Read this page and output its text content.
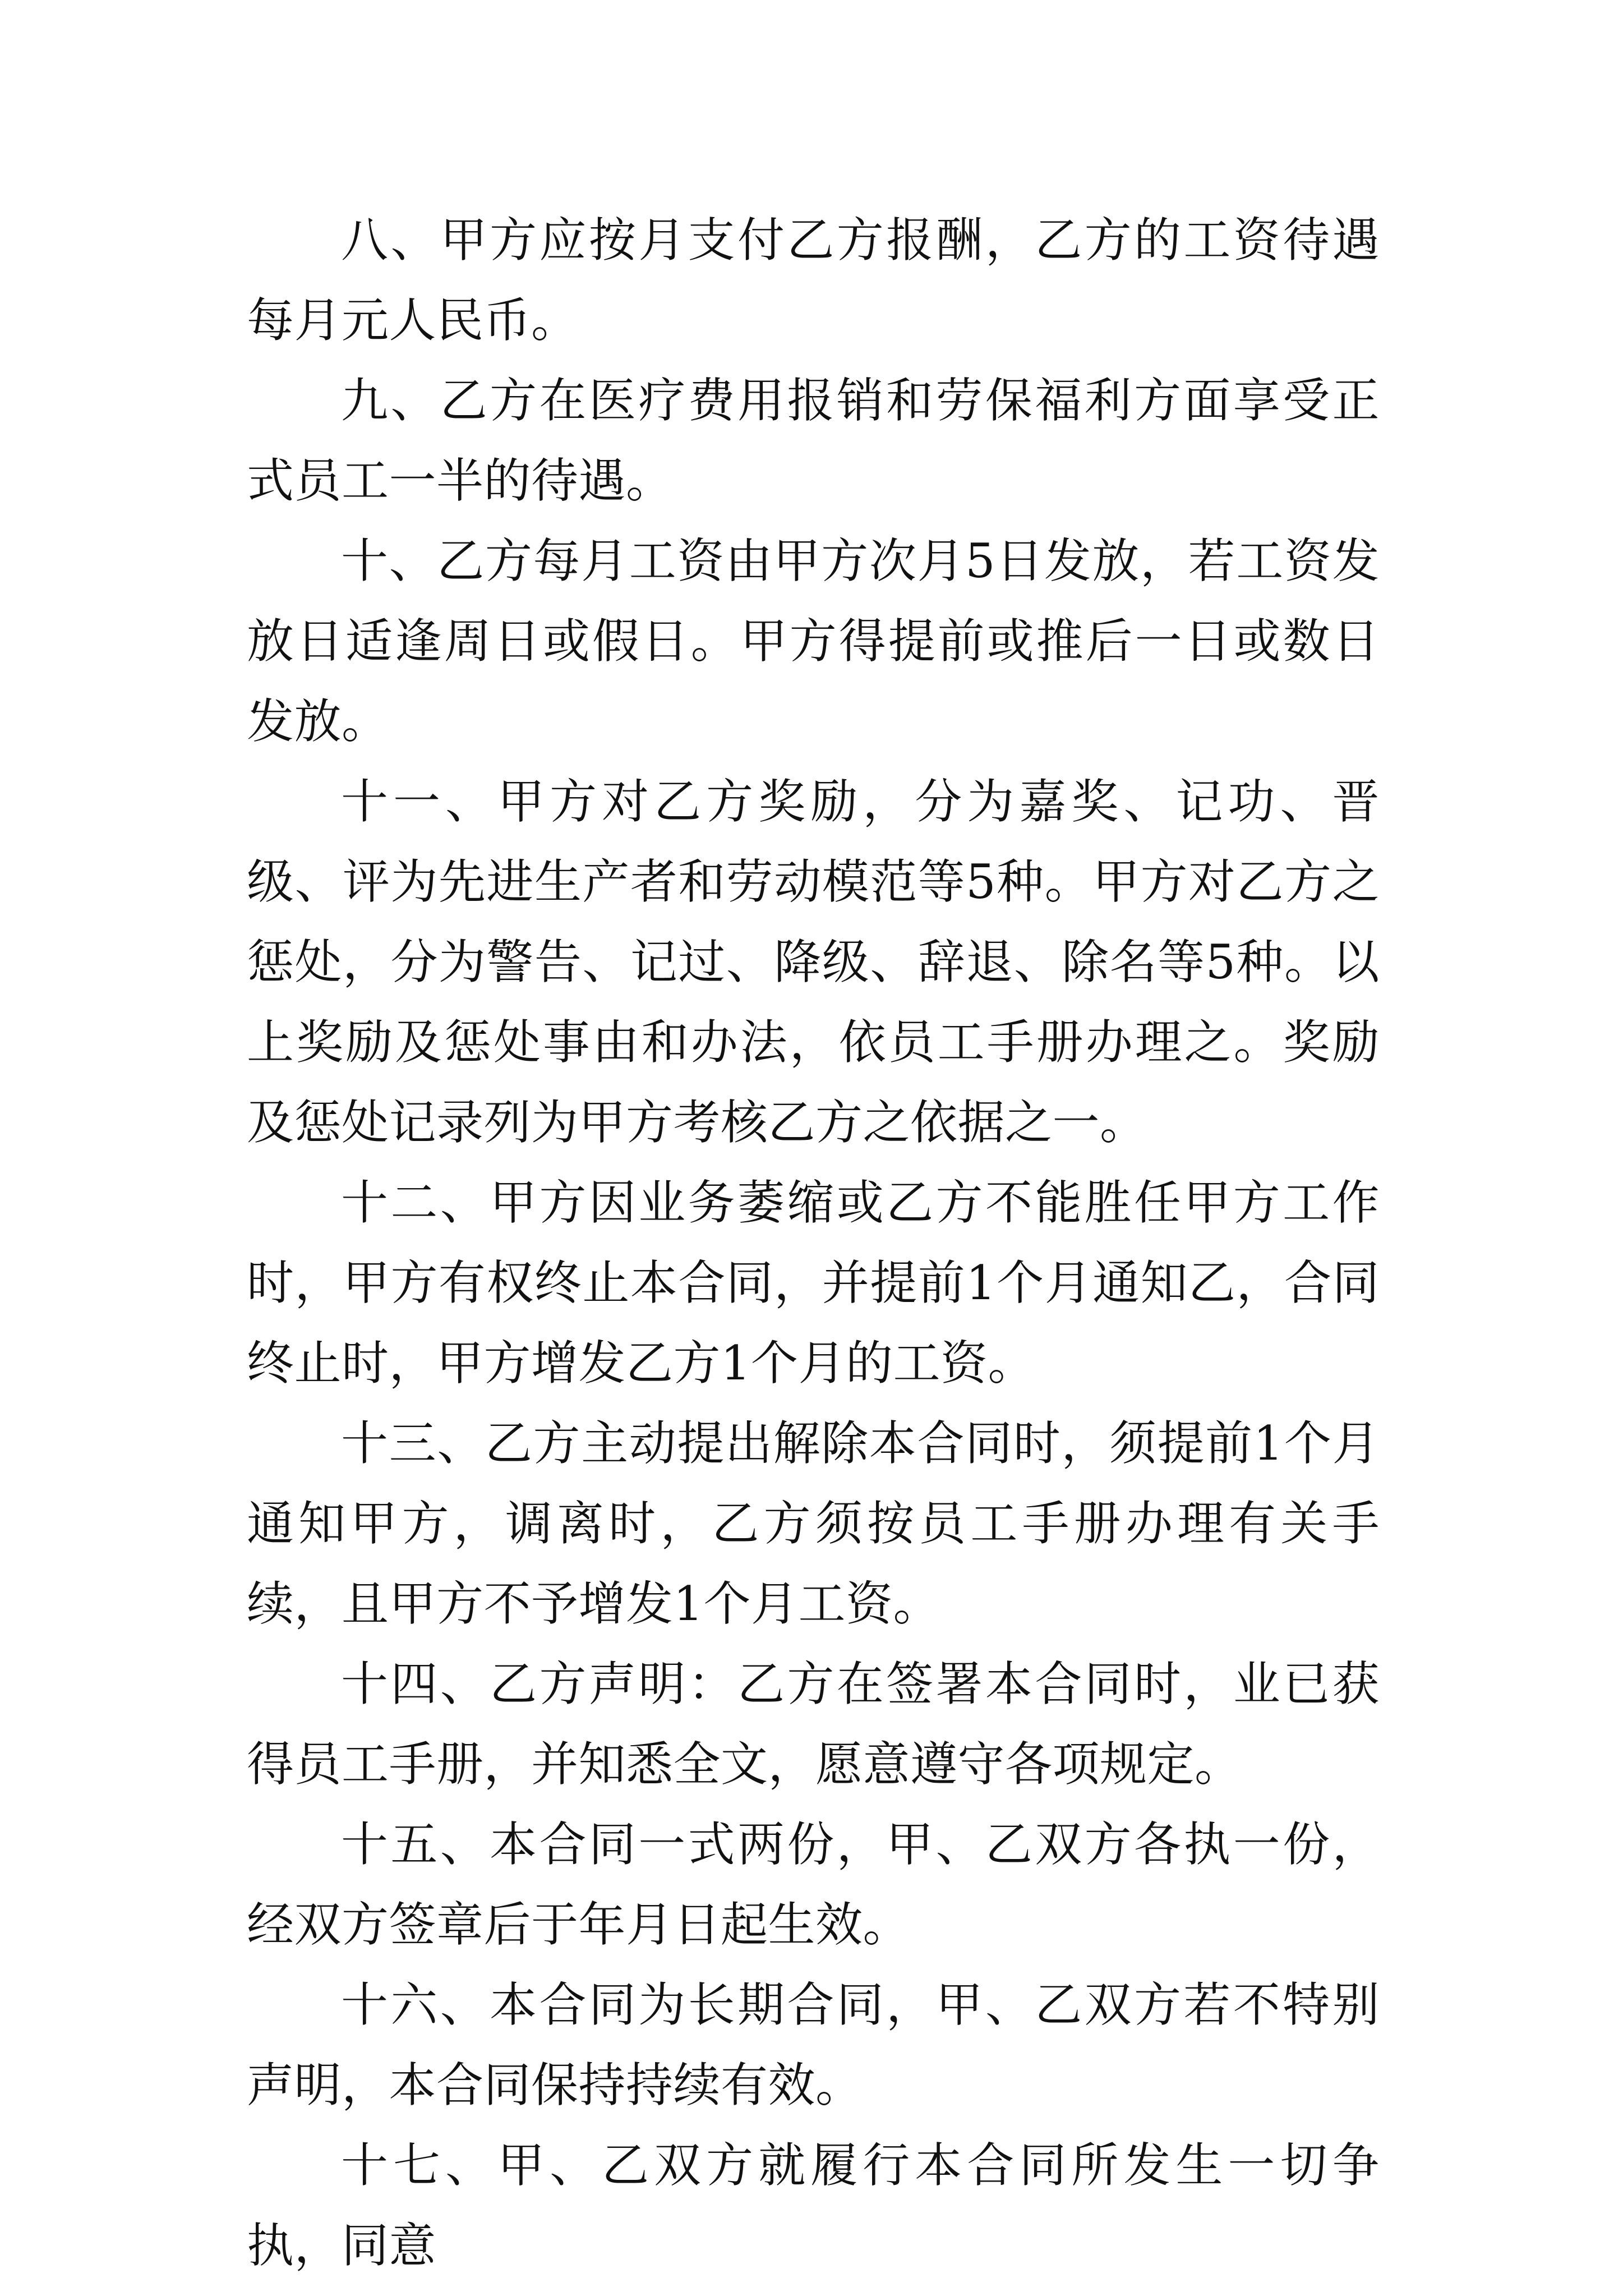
八、甲方应按月支付乙方报酬，乙方的工资待遇每月元人民币。

九、乙方在医疗费用报销和劳保福利方面享受正式员工一半的待遇。

十、乙方每月工资由甲方次月5日发放，若工资发放日适逢周日或假日。甲方得提前或推后一日或数日发放。

十一、甲方对乙方奖励，分为嘉奖、记功、晋级、评为先进生产者和劳动模范等5种。甲方对乙方之惩处，分为警告、记过、降级、辞退、除名等5种。以上奖励及惩处事由和办法，依员工手册办理之。奖励及惩处记录列为甲方考核乙方之依据之一。

十二、甲方因业务萎缩或乙方不能胜任甲方工作时，甲方有权终止本合同，并提前1个月通知乙，合同终止时，甲方增发乙方1个月的工资。

十三、乙方主动提出解除本合同时，须提前1个月通知甲方，调离时，乙方须按员工手册办理有关手续，且甲方不予增发1个月工资。

十四、乙方声明：乙方在签署本合同时，业已获得员工手册，并知悉全文，愿意遵守各项规定。

十五、本合同一式两份，甲、乙双方各执一份，经双方签章后于年月日起生效。

十六、本合同为长期合同，甲、乙双方若不特别声明，本合同保持持续有效。

十七、甲、乙双方就履行本合同所发生一切争执，同意
